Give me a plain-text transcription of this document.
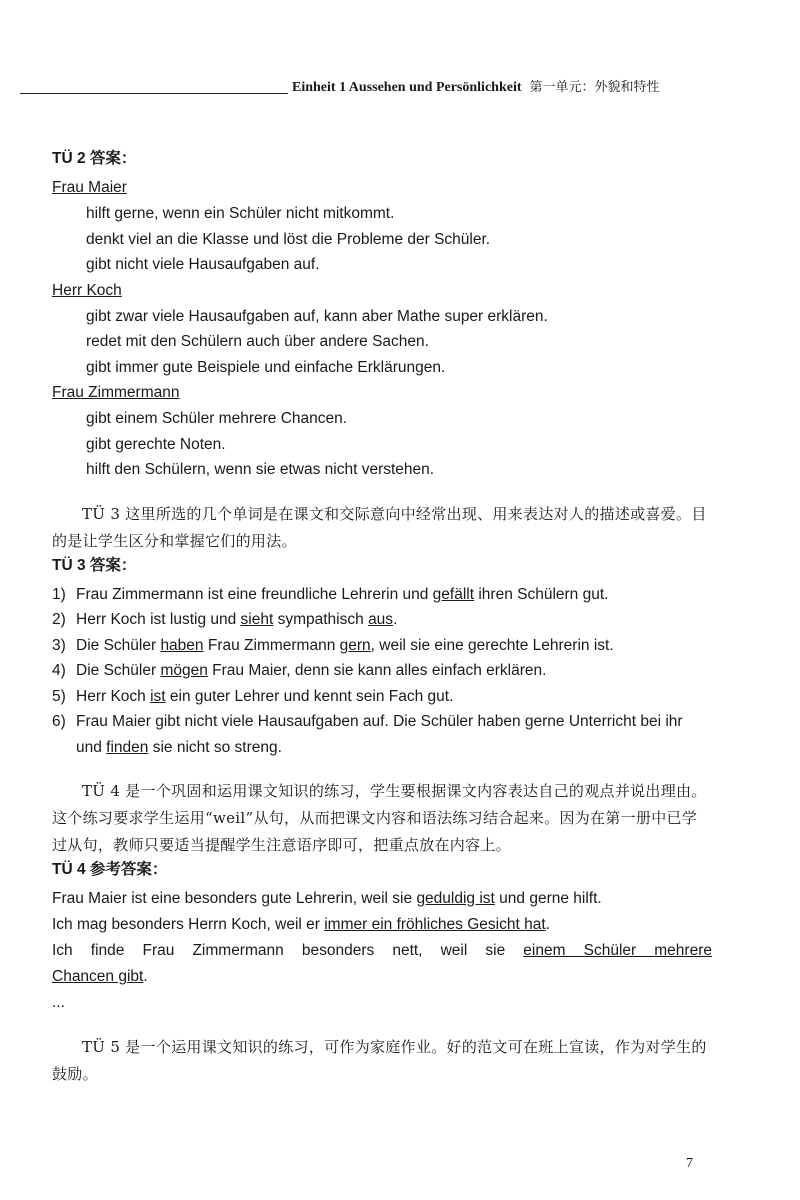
Einheit 1 Aussehen und Persönlichkeit 第一单元：外貌和特性
TÜ 2 答案：

Frau Maier

hilft gerne, wenn ein Schüler nicht mitkommt.

denkt viel an die Klasse und löst die Probleme der Schüler.

gibt nicht viele Hausaufgaben auf.

Herr Koch

gibt zwar viele Hausaufgaben auf, kann aber Mathe super erklären.

redet mit den Schülern auch über andere Sachen.

gibt immer gute Beispiele und einfache Erklärungen.

Frau Zimmermann

gibt einem Schüler mehrere Chancen.

gibt gerechte Noten.

hilft den Schülern, wenn sie etwas nicht verstehen.

TÜ 3 这里所选的几个单词是在课文和交际意向中经常出现、用来表达对人的描述或喜爱。目的是让学生区分和掌握它们的用法。

TÜ 3 答案：
1) Frau Zimmermann ist eine freundliche Lehrerin und gefällt ihren Schülern gut.
2) Herr Koch ist lustig und sieht sympathisch aus.
3) Die Schüler haben Frau Zimmermann gern, weil sie eine gerechte Lehrerin ist.
4) Die Schüler mögen Frau Maier, denn sie kann alles einfach erklären.
5) Herr Koch ist ein guter Lehrer und kennt sein Fach gut.
6) Frau Maier gibt nicht viele Hausaufgaben auf. Die Schüler haben gerne Unterricht bei ihr und finden sie nicht so streng.

TÜ 4 是一个巩固和运用课文知识的练习，学生要根据课文内容表达自己的观点并说出理由。这个练习要求学生运用“weil”从句，从而把课文内容和语法练习结合起来。因为在第一册中已学过从句，教师只要适当提醒学生注意语序即可，把重点放在内容上。

TÜ 4 参考答案：

Frau Maier ist eine besonders gute Lehrerin, weil sie geduldig ist und gerne hilft.

Ich mag besonders Herrn Koch, weil er immer ein fröhliches Gesicht hat.

Ich finde Frau Zimmermann besonders nett, weil sie einem Schüler mehrere

Chancen gibt.

...

TÜ 5 是一个运用课文知识的练习，可作为家庭作业。好的范文可在班上宣读，作为对学生的鼓励。

7
